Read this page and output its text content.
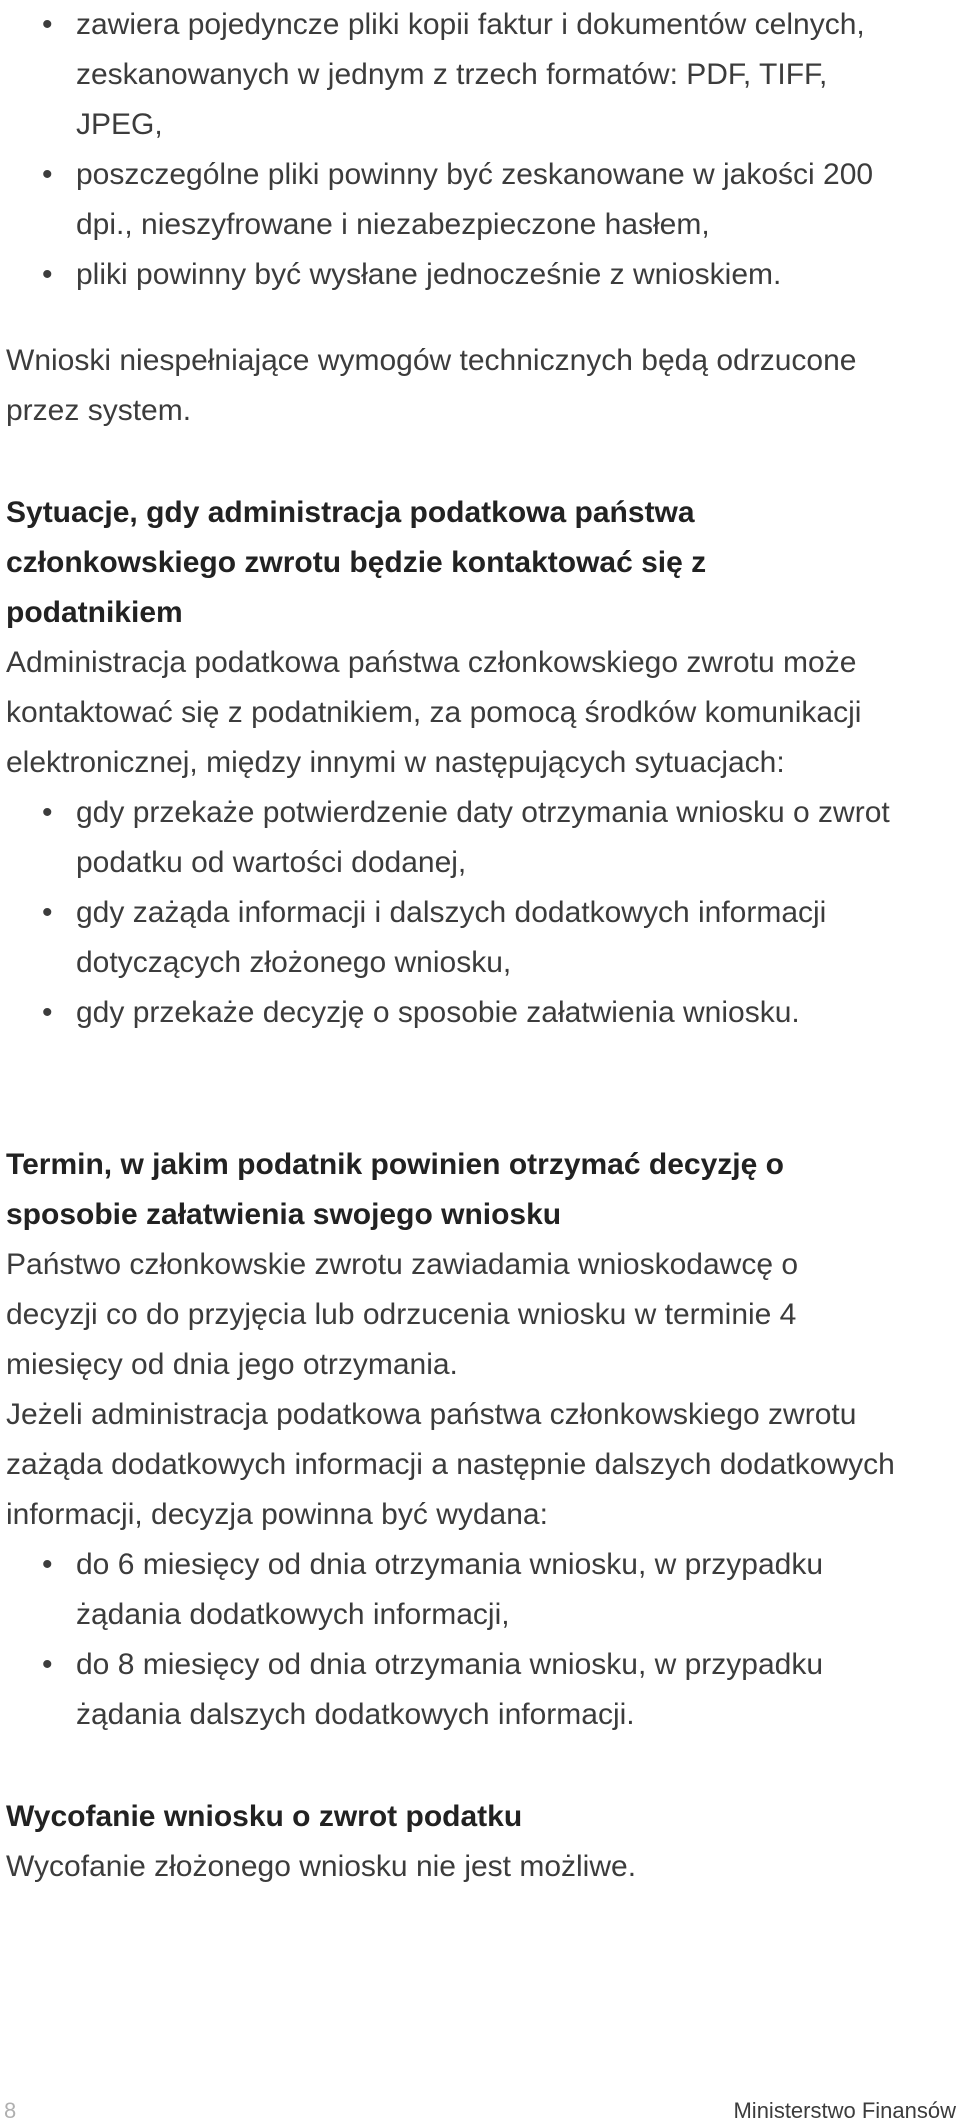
• zawiera pojedyncze pliki kopii faktur i dokumentów celnych, zeskanowanych w jednym z trzech formatów: PDF, TIFF, JPEG,
• poszczególne pliki powinny być zeskanowane w jakości 200 dpi., nieszyfrowane i niezabezpieczone hasłem,
• pliki powinny być wysłane jednocześnie z wnioskiem.

Wnioski niespełniające wymogów technicznych będą odrzucone przez system.

Sytuacje, gdy administracja podatkowa państwa członkowskiego zwrotu będzie kontaktować się z podatnikiem

Administracja podatkowa państwa członkowskiego zwrotu może kontaktować się z podatnikiem, za pomocą środków komunikacji elektronicznej, między innymi w następujących sytuacjach:

• gdy przekaże potwierdzenie daty otrzymania wniosku o zwrot podatku od wartości dodanej,
• gdy zażąda informacji i dalszych dodatkowych informacji dotyczących złożonego wniosku,
• gdy przekaże decyzję o sposobie załatwienia wniosku.
Termin, w jakim podatnik powinien otrzymać decyzję o sposobie załatwienia swojego wniosku

Państwo członkowskie zwrotu zawiadamia wnioskodawcę o decyzji co do przyjęcia lub odrzucenia wniosku w terminie 4 miesięcy od dnia jego otrzymania.

Jeżeli administracja podatkowa państwa członkowskiego zwrotu zażąda dodatkowych informacji a następnie dalszych dodatkowych informacji, decyzja powinna być wydana:

• do 6 miesięcy od dnia otrzymania wniosku, w przypadku żądania dodatkowych informacji,
• do 8 miesięcy od dnia otrzymania wniosku, w przypadku żądania dalszych dodatkowych informacji.
Wycofanie wniosku o zwrot podatku

Wycofanie złożonego wniosku nie jest możliwe.

8	Ministerstwo Finansów
